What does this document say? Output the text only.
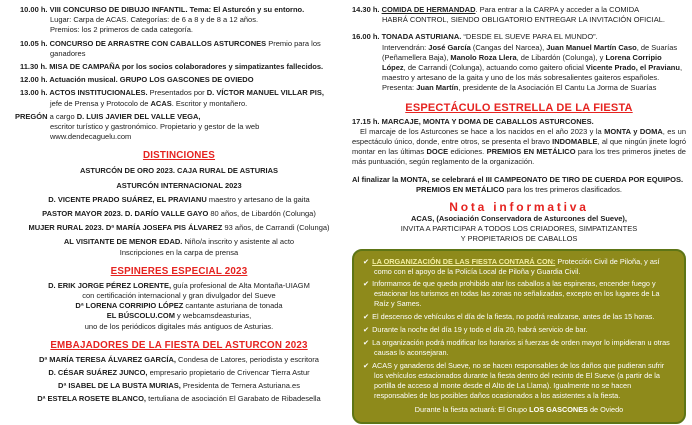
10.00 h. VIII CONCURSO DE DIBUJO INFANTIL. Tema: El Asturcón y su entorno.
Lugar: Carpa de ACAS. Categorías: de 6 a 8 y de 8 a 12 años.
Premios: los 2 primeros de cada categoría.
10.05 h. CONCURSO DE ARRASTRE CON CABALLOS ASTURCONES Premio para los ganadores
11.30 h. MISA DE CAMPAÑA por los socios colaboradores y simpatizantes fallecidos.
12.00 h. Actuación musical. GRUPO LOS GASCONES DE OVIEDO
13.00 h. ACTOS INSTITUCIONALES. Presentados por D. VÍCTOR MANUEL VILLAR PIS,
jefe de Prensa y Protocolo de ACAS. Escritor y montañero.
PREGÓN a cargo D. LUIS JAVIER DEL VALLE VEGA,
escritor turístico y gastronómico. Propietario y gestor de la web www.dendecaguelu.com
DISTINCIONES
ASTURCÓN DE ORO 2023. CAJA RURAL DE ASTURIAS
ASTURCÓN INTERNACIONAL 2023
D. VICENTE PRADO SUÁREZ, EL PRAVIANU maestro y artesano de la gaita
PASTOR MAYOR 2023. D. DARÍO VALLE GAYO 80 años, de Libardón (Colunga)
MUJER RURAL 2023. Dª MARÍA JOSEFA PIS ÁLVAREZ 93 años, de Carrandi (Colunga)
AL VISITANTE DE MENOR EDAD. Niño/a inscrito y asistente al acto
Inscripciones en la carpa de prensa
ESPINERES ESPECIAL 2023
D. ERIK JORGE PÉREZ LORENTE, guía profesional de Alta Montaña-UIAGM
con certificación internacional y gran divulgador del Sueve
Dª LORENA CORRIPIO LÓPEZ cantante asturiana de tonada
EL BÚSCOLU.COM y webcamsdeasturias,
uno de los periódicos digitales más antiguos de Asturias.
EMBAJADORES DE LA FIESTA DEL ASTURCON 2023
Dª MARÍA TERESA ÁLVAREZ GARCÍA, Condesa de Latores, periodista y escritora
D. CÉSAR SUÁREZ JUNCO, empresario propietario de Crivencar Tierra Astur
Dª ISABEL DE LA BUSTA MURIAS, Presidenta de Ternera Asturiana.es
Dª ESTELA ROSETE BLANCO, tertuliana de asociación El Garabato de Ribadesella
14.30 h. COMIDA DE HERMANDAD. Para entrar a la CARPA y acceder a la COMIDA
HABRÁ CONTROL, SIENDO OBLIGATORIO ENTREGAR LA INVITACIÓN OFICIAL.
16.00 h. TONADA ASTURIANA. “DESDE EL SUEVE PARA EL MUNDO”.
Intervendrán: José García (Cangas del Narcea), Juan Manuel Martín Caso, de Suarías (Peñamellera Baja), Manolo Roza Llera, de Libardón (Colunga), y Lorena Corripio López, de Carrandi (Colunga), actuando como gaitero oficial Vicente Prado, el Pravianu, maestro y artesano de la gaita y uno de los más sobresalientes gaiteros españoles.
Presenta: Juan Martín, presidente de la Asociación El Cantu La Jorma de Suarías
ESPECTÁCULO ESTRELLA DE LA FIESTA
17.15 h. MARCAJE, MONTA Y DOMA DE CABALLOS ASTURCONES.
El marcaje de los Asturcones se hace a los nacidos en el año 2023 y la MONTA y DOMA, es un espectáculo único, donde, entre otros, se presenta el bravo INDOMABLE, al que ningún jinete logró montar en las últimas DOCE ediciones. PREMIOS EN METÁLICO para los tres primeros jinetes de más puntuación, según reglamento de la organización.
Al finalizar la MONTA, se celebrará el III CAMPEONATO DE TIRO DE CUERDA POR EQUIPOS.
PREMIOS EN METÁLICO para los tres primeros clasificados.
Nota informativa
ACAS, (Asociación Conservadora de Asturcones del Sueve),
INVITA A PARTICIPAR A TODOS LOS CRIADORES, SIMPATIZANTES
Y PROPIETARIOS DE CABALLOS
✔ LA ORGANIZACIÓN DE LAS FIESTA CONTARÁ CON: Protección Civil de Piloña, y así como con el apoyo de la Policía Local de Piloña y Guardia Civil.
✔ Informamos de que queda prohibido atar los caballos a las espineras, encender fuego y estacionar los turismos en todas las zonas no señalizadas, excepto en los lugares de La Raíz y Sames.
✔ El descenso de vehículos el día de la fiesta, no podrá realizarse, antes de las 15 horas.
✔ Durante la noche del día 19 y todo el día 20, habrá servicio de bar.
✔ La organización podrá modificar los horarios si fuerzas de orden mayor lo impidieran u otras causas lo aconsejaran.
✔ ACAS y ganaderos del Sueve, no se hacen responsables de los daños que pudieran sufrir los vehículos estacionados durante la fiesta dentro del recinto de El Sueve (a partir de la portilla de acceso al monte desde el Alto de La Llama). Igualmente no se hacen responsables de los posibles daños ocasionados a los asistentes a la fiesta.
Durante la fiesta actuará: El Grupo LOS GASCONES de Oviedo
